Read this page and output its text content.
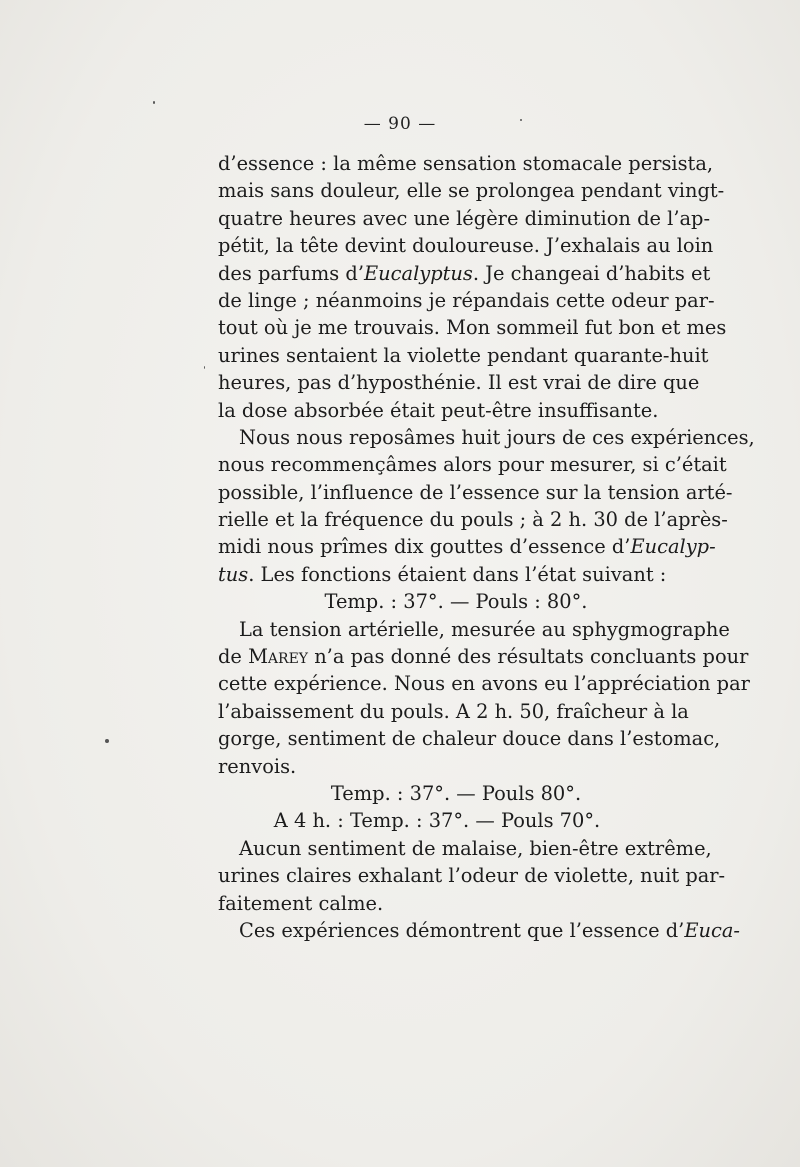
— 90 —
d’essence : la même sensation stomacale persista,
mais sans douleur, elle se prolongea pendant vingt-
quatre heures avec une légère diminution de l’ap-
pétit, la tête devint douloureuse. J’exhalais au loin
des parfums d’Eucalyptus. Je changeai d’habits et
de linge ; néanmoins je répandais cette odeur par-
tout où je me trouvais. Mon sommeil fut bon et mes
urines sentaient la violette pendant quarante-huit
heures, pas d’hyposthénie. Il est vrai de dire que
la dose absorbée était peut-être insuffisante.
Nous nous reposâmes huit jours de ces expériences,
nous recommençâmes alors pour mesurer, si c’était
possible, l’influence de l’essence sur la tension arté-
rielle et la fréquence du pouls ; à 2 h. 30 de l’après-
midi nous prîmes dix gouttes d’essence d’Eucalyp-
tus. Les fonctions étaient dans l’état suivant :
Temp. : 37°. — Pouls : 80°.
La tension artérielle, mesurée au sphygmographe
de Marey n’a pas donné des résultats concluants pour
cette expérience. Nous en avons eu l’appréciation par
l’abaissement du pouls. A 2 h. 50, fraîcheur à la
gorge, sentiment de chaleur douce dans l’estomac,
renvois.
Temp. : 37°. — Pouls 80°.
A 4 h. : Temp. : 37°. — Pouls 70°.
Aucun sentiment de malaise, bien-être extrême,
urines claires exhalant l’odeur de violette, nuit par-
faitement calme.
Ces expériences démontrent que l’essence d’Euca-
